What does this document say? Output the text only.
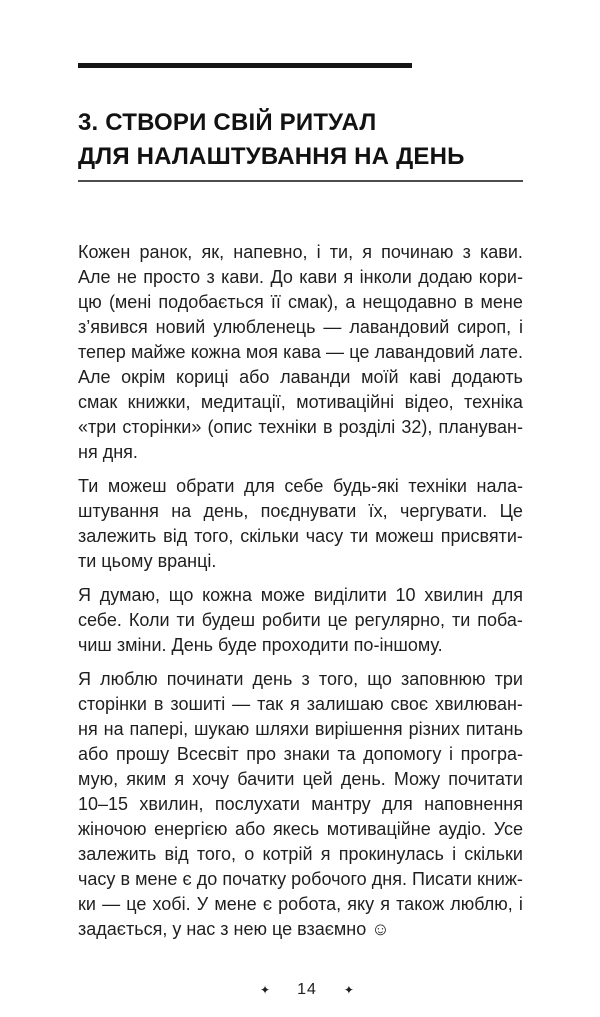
3. СТВОРИ СВІЙ РИТУАЛ
ДЛЯ НАЛАШТУВАННЯ НА ДЕНЬ
Кожен ранок, як, напевно, і ти, я починаю з кави.
Але не просто з кави. До кави я інколи додаю кори-
цю (мені подобається її смак), а нещодавно в мене
з’явився новий улюбленець — лавандовий сироп, і
тепер майже кожна моя кава — це лавандовий лате.
Але окрім кориці або лаванди моїй каві додають
смак книжки, медитації, мотиваційні відео, техніка
«три сторінки» (опис техніки в розділі 32), плануван-
ня дня.
Ти можеш обрати для себе будь-які техніки нала-
штування на день, поєднувати їх, чергувати. Це
залежить від того, скільки часу ти можеш присвяти-
ти цьому вранці.
Я думаю, що кожна може виділити 10 хвилин для
себе. Коли ти будеш робити це регулярно, ти поба-
чиш зміни. День буде проходити по-іншому.
Я люблю починати день з того, що заповнюю три
сторінки в зошиті — так я залишаю своє хвилюван-
ня на папері, шукаю шляхи вирішення різних питань
або прошу Всесвіт про знаки та допомогу і програ-
мую, яким я хочу бачити цей день. Можу почитати
10–15 хвилин, послухати мантру для наповнення
жіночою енергією або якесь мотиваційне аудіо. Усе
залежить від того, о котрій я прокинулась і скільки
часу в мене є до початку робочого дня. Писати книж-
ки — це хобі. У мене є робота, яку я також люблю, і
задається, у нас з нею це взаємно ☺
✦ 14 ✦
